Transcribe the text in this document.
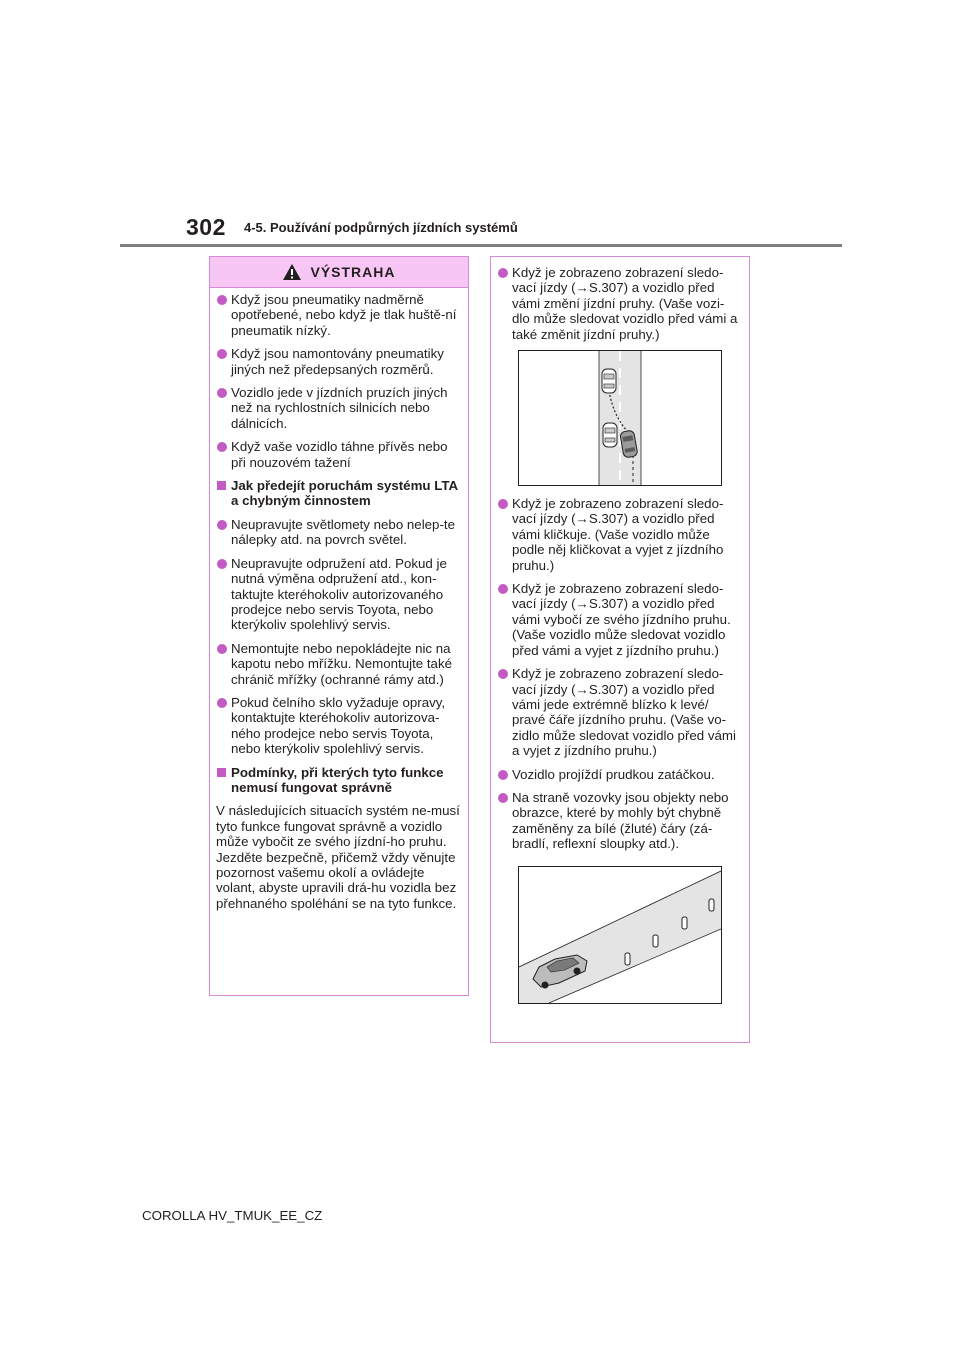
302 4-5. Používání podpůrných jízdních systémů
VÝSTRAHA
Když jsou pneumatiky nadměrně opotřebené, nebo když je tlak huště-ní pneumatik nízký.
Když jsou namontovány pneumatiky jiných než předepsaných rozměrů.
Vozidlo jede v jízdních pruzích jiných než na rychlostních silnicích nebo dálnicích.
Když vaše vozidlo táhne přívěs nebo při nouzovém tažení
Jak předejít poruchám systému LTA a chybným činnostem
Neupravujte světlomety nebo nelep-te nálepky atd. na povrch světel.
Neupravujte odpružení atd. Pokud je nutná výměna odpružení atd., kon-taktujte kteréhokoliv autorizovaného prodejce nebo servis Toyota, nebo kterýkoliv spolehlivý servis.
Nemontujte nebo nepokládejte nic na kapotu nebo mřížku. Nemontujte také chránič mřížky (ochranné rámy atd.)
Pokud čelního sklo vyžaduje opravy, kontaktujte kteréhokoliv autorizova-ného prodejce nebo servis Toyota, nebo kterýkoliv spolehlivý servis.
Podmínky, při kterých tyto funkce nemusí fungovat správně
V následujících situacích systém ne-musí tyto funkce fungovat správně a vozidlo může vybočit ze svého jízdní-ho pruhu. Jezděte bezpečně, přičemž vždy věnujte pozornost vašemu okolí a ovládejte volant, abyste upravili drá-hu vozidla bez přehnaného spoléhání se na tyto funkce.
Když je zobrazeno zobrazení sledo-vací jízdy (→S.307) a vozidlo před vámi změní jízdní pruhy. (Vaše vozi-dlo může sledovat vozidlo před vámi a také změnit jízdní pruhy.)
Když je zobrazeno zobrazení sledo-vací jízdy (→S.307) a vozidlo před vámi kličkuje. (Vaše vozidlo může podle něj kličkovat a vyjet z jízdního pruhu.)
Když je zobrazeno zobrazení sledo-vací jízdy (→S.307) a vozidlo před vámi vybočí ze svého jízdního pruhu. (Vaše vozidlo může sledovat vozidlo před vámi a vyjet z jízdního pruhu.)
Když je zobrazeno zobrazení sledo-vací jízdy (→S.307) a vozidlo před vámi jede extrémně blízko k levé/ pravé čáře jízdního pruhu. (Vaše vo-zidlo může sledovat vozidlo před vámi a vyjet z jízdního pruhu.)
Vozidlo projíždí prudkou zatáčkou.
Na straně vozovky jsou objekty nebo obrazce, které by mohly být chybně zaměněny za bílé (žluté) čáry (zá-bradlí, reflexní sloupky atd.).
COROLLA HV_TMUK_EE_CZ
